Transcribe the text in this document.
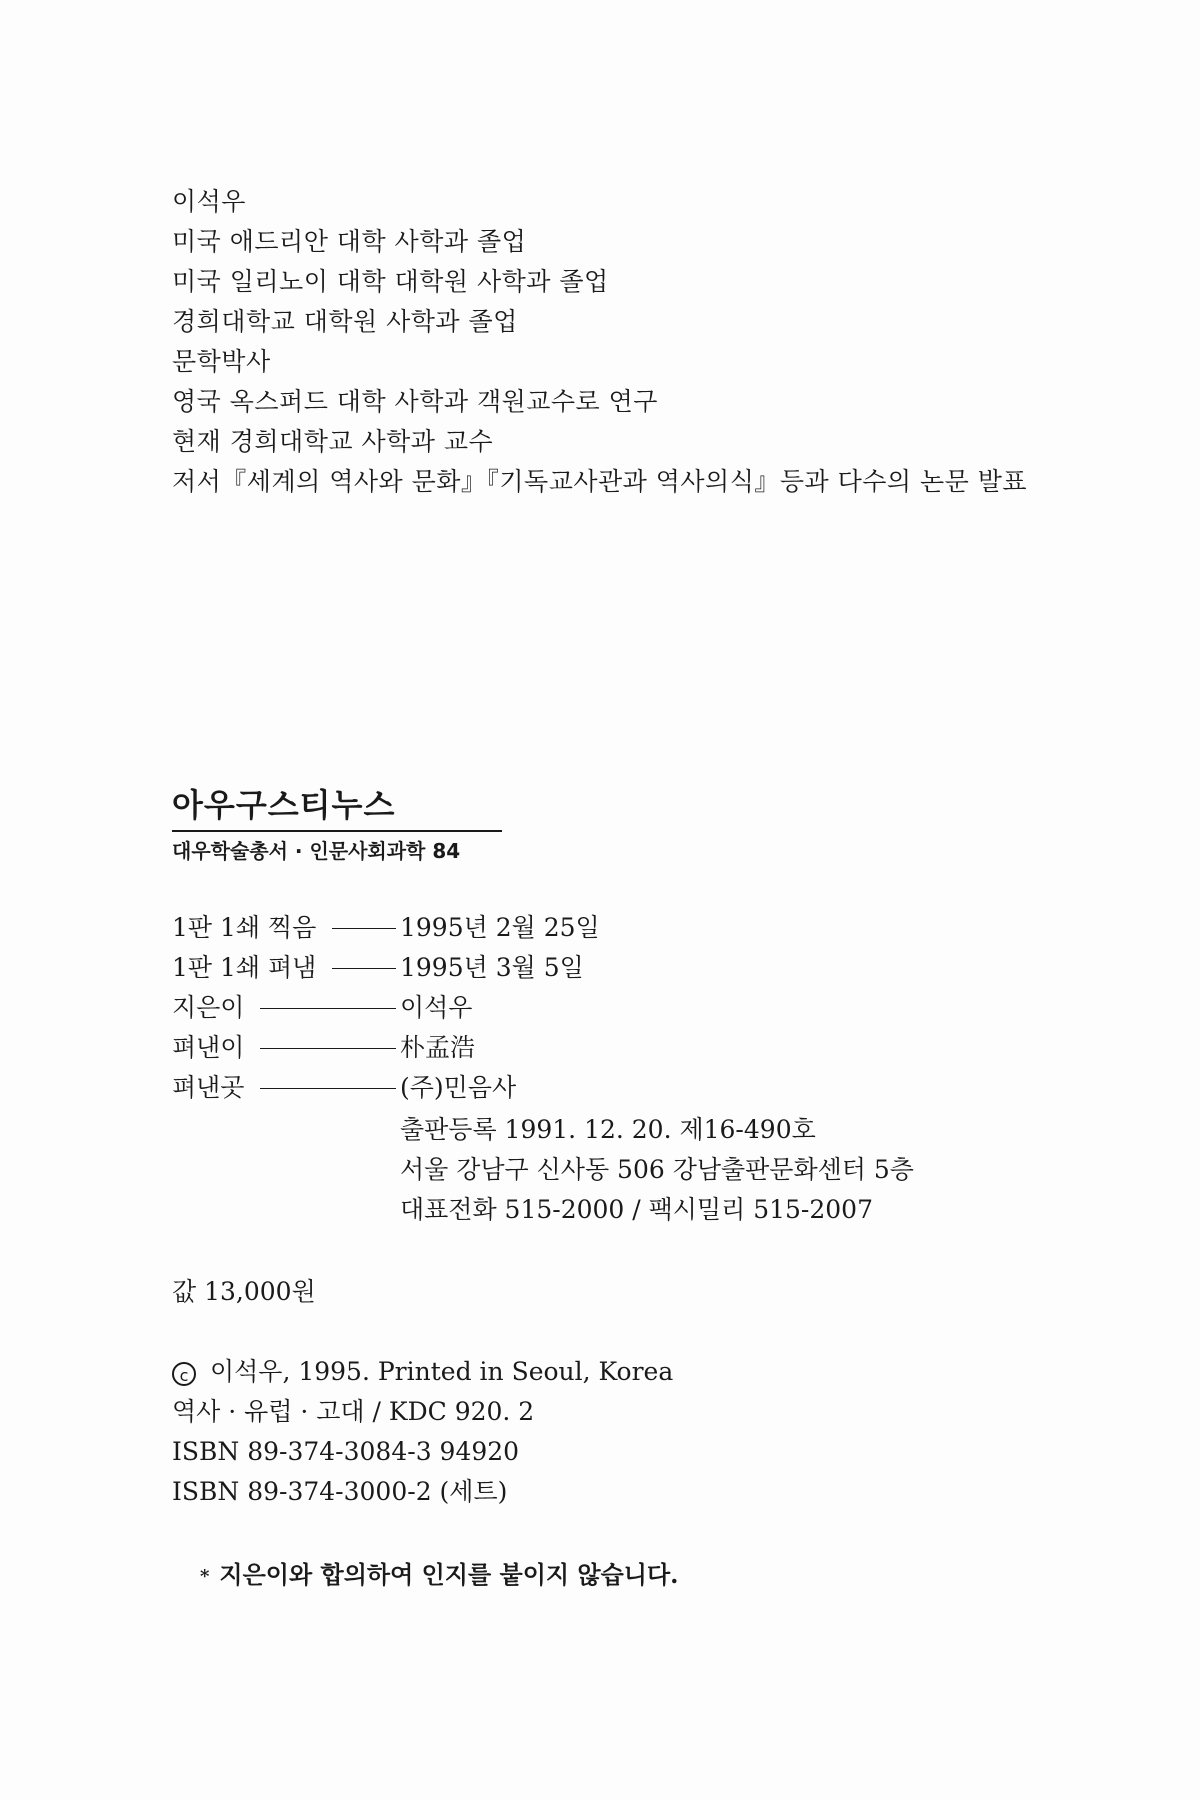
이석우
미국 애드리안 대학 사학과 졸업
미국 일리노이 대학 대학원 사학과 졸업
경희대학교 대학원 사학과 졸업
문학박사
영국 옥스퍼드 대학 사학과 객원교수로 연구
현재 경희대학교 사학과 교수
저서『세계의 역사와 문화』『기독교사관과 역사의식』등과 다수의 논문 발표
아우구스티누스
대우학술총서 · 인문사회과학 84
1판 1쇄 찍음	1995년 2월 25일
1판 1쇄 펴냄	1995년 3월 5일
지은이	이석우
펴낸이	朴孟浩
펴낸곳	(주)민음사
출판등록 1991. 12. 20. 제16-490호
서울 강남구 신사동 506 강남출판문화센터 5층
대표전화 515-2000 / 팩시밀리 515-2007
값 13,000원
c 이석우, 1995. Printed in Seoul, Korea
역사 · 유럽 · 고대 / KDC 920. 2
ISBN 89-374-3084-3 94920
ISBN 89-374-3000-2 (세트)
* 지은이와 합의하여 인지를 붙이지 않습니다.
